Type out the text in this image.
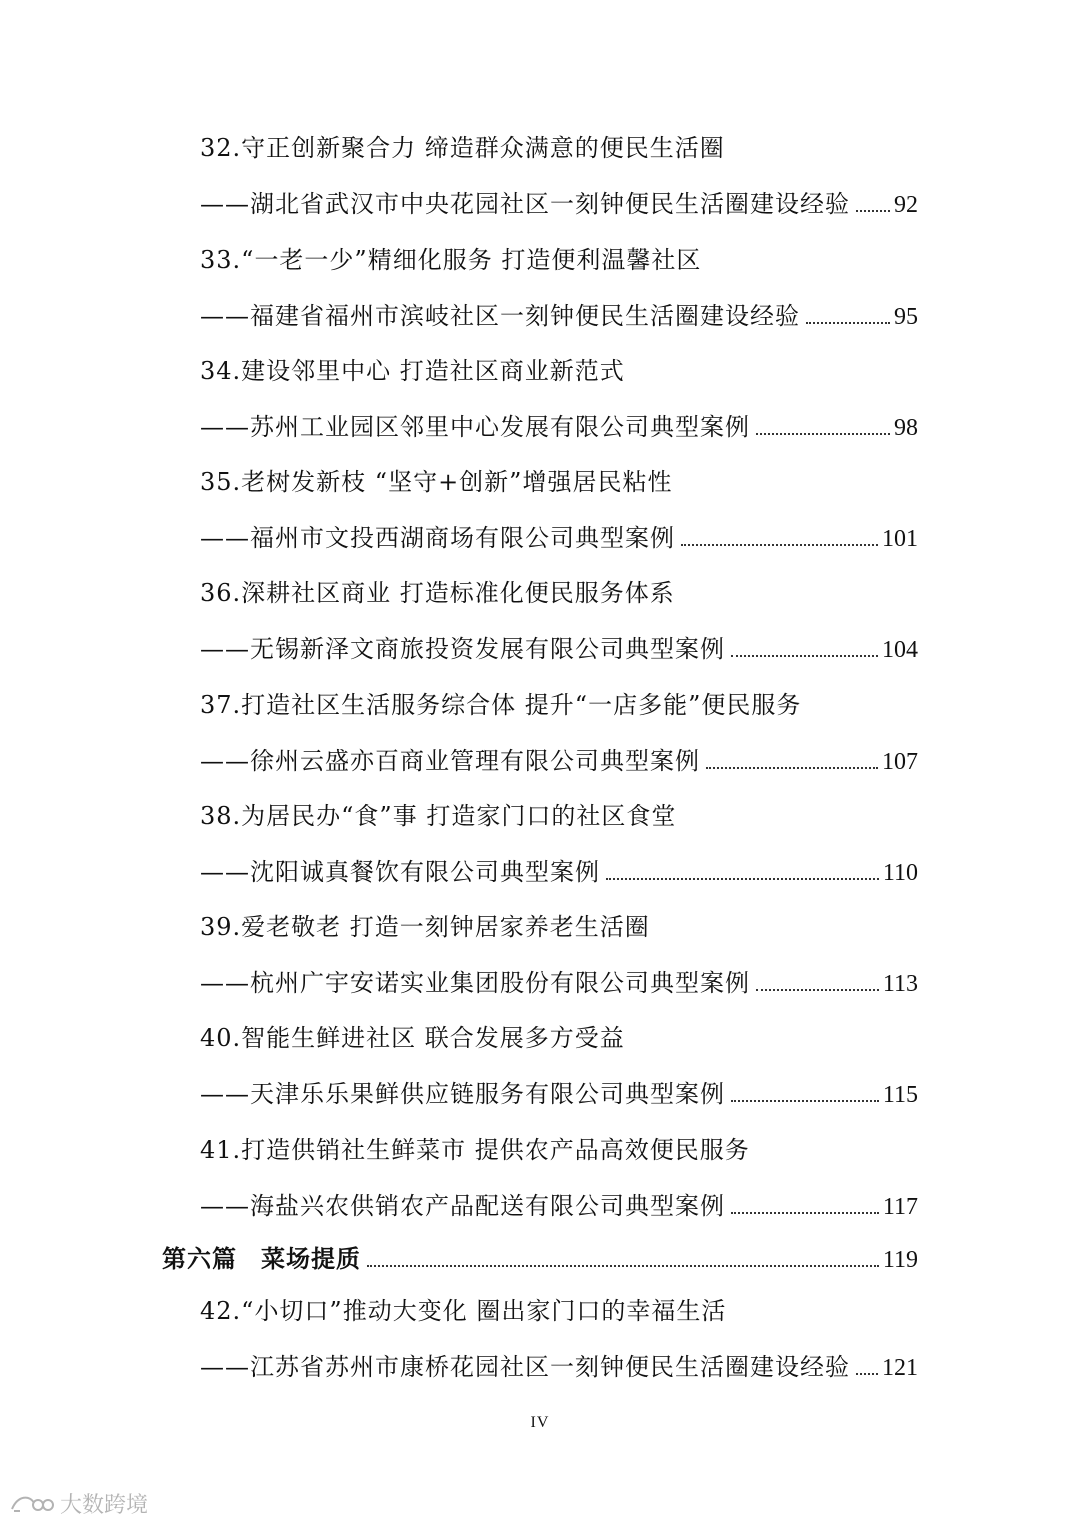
32.守正创新聚合力 缔造群众满意的便民生活圈
——湖北省武汉市中央花园社区一刻钟便民生活圈建设经验 92
33.“一老一少”精细化服务 打造便利温馨社区
——福建省福州市滨岐社区一刻钟便民生活圈建设经验	95
34.建设邻里中心 打造社区商业新范式
——苏州工业园区邻里中心发展有限公司典型案例	98
35.老树发新枝 “坚守+创新”增强居民粘性
——福州市文投西湖商场有限公司典型案例	101
36.深耕社区商业 打造标准化便民服务体系
——无锡新泽文商旅投资发展有限公司典型案例	104
37.打造社区生活服务综合体 提升“一店多能”便民服务
——徐州云盛亦百商业管理有限公司典型案例	107
38.为居民办“食”事 打造家门口的社区食堂
——沈阳诚真餐饮有限公司典型案例	110
39.爱老敬老 打造一刻钟居家养老生活圈
——杭州广宇安诺实业集团股份有限公司典型案例	113
40.智能生鲜进社区 联合发展多方受益
——天津乐乐果鲜供应链服务有限公司典型案例	115
41.打造供销社生鲜菜市 提供农产品高效便民服务
——海盐兴农供销农产品配送有限公司典型案例	117
第六篇 菜场提质	119
42.“小切口”推动大变化 圈出家门口的幸福生活
——江苏省苏州市康桥花园社区一刻钟便民生活圈建设经验 121
IV
大数跨境
